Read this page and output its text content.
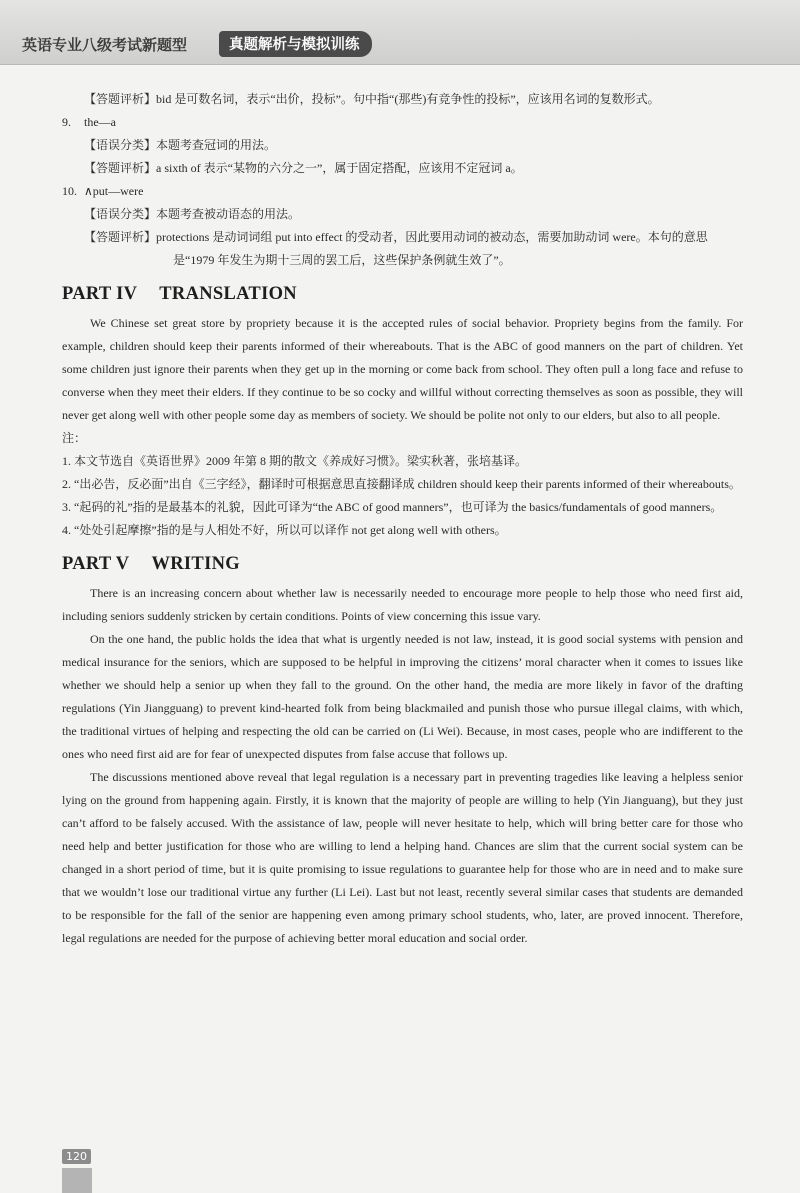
英语专业八级考试新题型	真题解析与模拟训练

【答题评析】bid 是可数名词，表示“出价，投标”。句中指“(那些)有竞争性的投标”，应该用名词的复数形式。

9. the—a

【语误分类】本题考查冠词的用法。

【答题评析】a sixth of 表示“某物的六分之一”，属于固定搭配，应该用不定冠词 a。

10. ∧put—were

【语误分类】本题考查被动语态的用法。

【答题评析】protections 是动词词组 put into effect 的受动者，因此要用动词的被动态，需要加助动词 were。本句的意思是“1979 年发生为期十三周的罢工后，这些保护条例就生效了”。

PART IV TRANSLATION

We Chinese set great store by propriety because it is the accepted rules of social behavior. Propriety begins from the family. For example, children should keep their parents informed of their whereabouts. That is the ABC of good manners on the part of children. Yet some children just ignore their parents when they get up in the morning or come back from school. They often pull a long face and refuse to converse when they meet their elders. If they continue to be so cocky and willful without correcting themselves as soon as possible, they will never get along well with other people some day as members of society. We should be polite not only to our elders, but also to all people.

注：

1. 本文节选自《英语世界》2009 年第 8 期的散文《养成好习惯》。梁实秋著，张培基译。

2. “出必告，反必面”出自《三字经》，翻译时可根据意思直接翻译成 children should keep their parents informed of their whereabouts。

3. “起码的礼”指的是最基本的礼貌，因此可译为“the ABC of good manners”，也可译为 the basics/fundamentals of good manners。

4. “处处引起摩擦”指的是与人相处不好，所以可以译作 not get along well with others。

PART V WRITING

There is an increasing concern about whether law is necessarily needed to encourage more people to help those who need first aid, including seniors suddenly stricken by certain conditions. Points of view concerning this issue vary.

On the one hand, the public holds the idea that what is urgently needed is not law, instead, it is good social systems with pension and medical insurance for the seniors, which are supposed to be helpful in improving the citizens’ moral character when it comes to issues like whether we should help a senior up when they fall to the ground. On the other hand, the media are more likely in favor of the drafting regulations (Yin Jiangguang) to prevent kind-hearted folk from being blackmailed and punish those who pursue illegal claims, with which, the traditional virtues of helping and respecting the old can be carried on (Li Wei). Because, in most cases, people who are indifferent to the ones who need first aid are for fear of unexpected disputes from false accuse that follows up.

The discussions mentioned above reveal that legal regulation is a necessary part in preventing tragedies like leaving a helpless senior lying on the ground from happening again. Firstly, it is known that the majority of people are willing to help (Yin Jianguang), but they just can’t afford to be falsely accused. With the assistance of law, people will never hesitate to help, which will bring better care for those who need help and better justification for those who are willing to lend a helping hand. Chances are slim that the current social system can be changed in a short period of time, but it is quite promising to issue regulations to guarantee help for those who are in need and to make sure that we wouldn’t lose our traditional virtue any further (Li Lei). Last but not least, recently several similar cases that students are demanded to be responsible for the fall of the senior are happening even among primary school students, who, later, are proved innocent. Therefore, legal regulations are needed for the purpose of achieving better moral education and social order.

120
